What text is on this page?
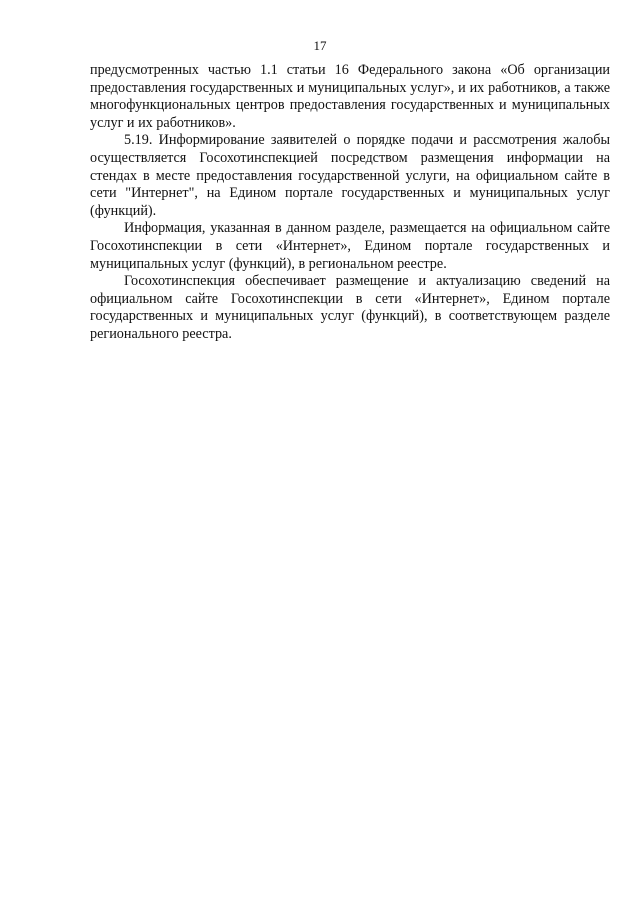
17

предусмотренных частью 1.1 статьи 16 Федерального закона «Об организации предоставления государственных и муниципальных услуг», и их работников, а также многофункциональных центров предоставления государственных и муниципальных услуг и их работников».

5.19. Информирование заявителей о порядке подачи и рассмотрения жалобы осуществляется Госохотинспекцией посредством размещения информации на стендах в месте предоставления государственной услуги, на официальном сайте в сети "Интернет", на Едином портале государственных и муниципальных услуг (функций).

Информация, указанная в данном разделе, размещается на официальном сайте Госохотинспекции в сети «Интернет», Едином портале государственных и муниципальных услуг (функций), в региональном реестре.

Госохотинспекция обеспечивает размещение и актуализацию сведений на официальном сайте Госохотинспекции в сети «Интернет», Едином портале государственных и муниципальных услуг (функций), в соответствующем разделе регионального реестра.
